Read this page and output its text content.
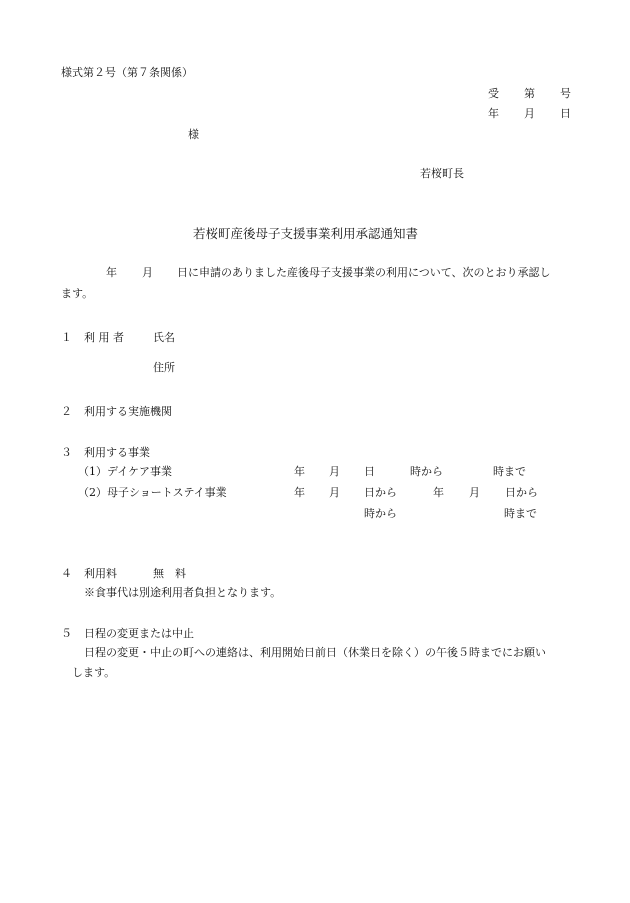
様式第２号（第７条関係）
受 第 号
年 月 日
様
若桜町長
若桜町産後母子支援事業利用承認通知書
年 月 日に申請のありました産後母子支援事業の利用について、次のとおり承認し
ます。
１ 利 用 者	氏名
住所
２ 利用する実施機関
３ 利用する事業
（1）デイケア事業	年 月 日	時から	時まで
（2）母子ショートステイ事業	年 月 日から	年 月 日から
時から	時まで
４ 利用料	無　料
※食事代は別途利用者負担となります。
５ 日程の変更または中止
日程の変更・中止の町への連絡は、利用開始日前日（休業日を除く）の午後５時までにお願い
します。
